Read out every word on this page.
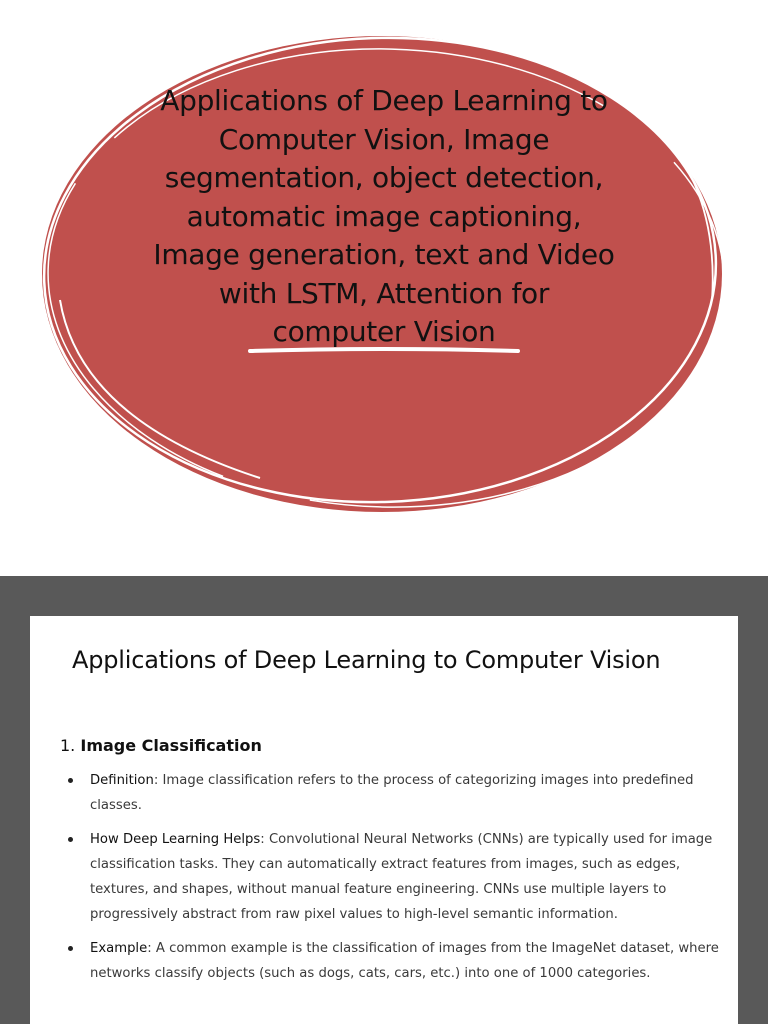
Applications of Deep Learning to
Computer Vision, Image
segmentation, object detection,
automatic image captioning,
Image generation, text and Video
with LSTM, Attention for
computer Vision
Applications of Deep Learning to Computer Vision
1. Image Classification
Definition: Image classification refers to the process of categorizing images into predefined classes.
How Deep Learning Helps: Convolutional Neural Networks (CNNs) are typically used for image classification tasks. They can automatically extract features from images, such as edges, textures, and shapes, without manual feature engineering. CNNs use multiple layers to progressively abstract from raw pixel values to high-level semantic information.
Example: A common example is the classification of images from the ImageNet dataset, where networks classify objects (such as dogs, cats, cars, etc.) into one of 1000 categories.
